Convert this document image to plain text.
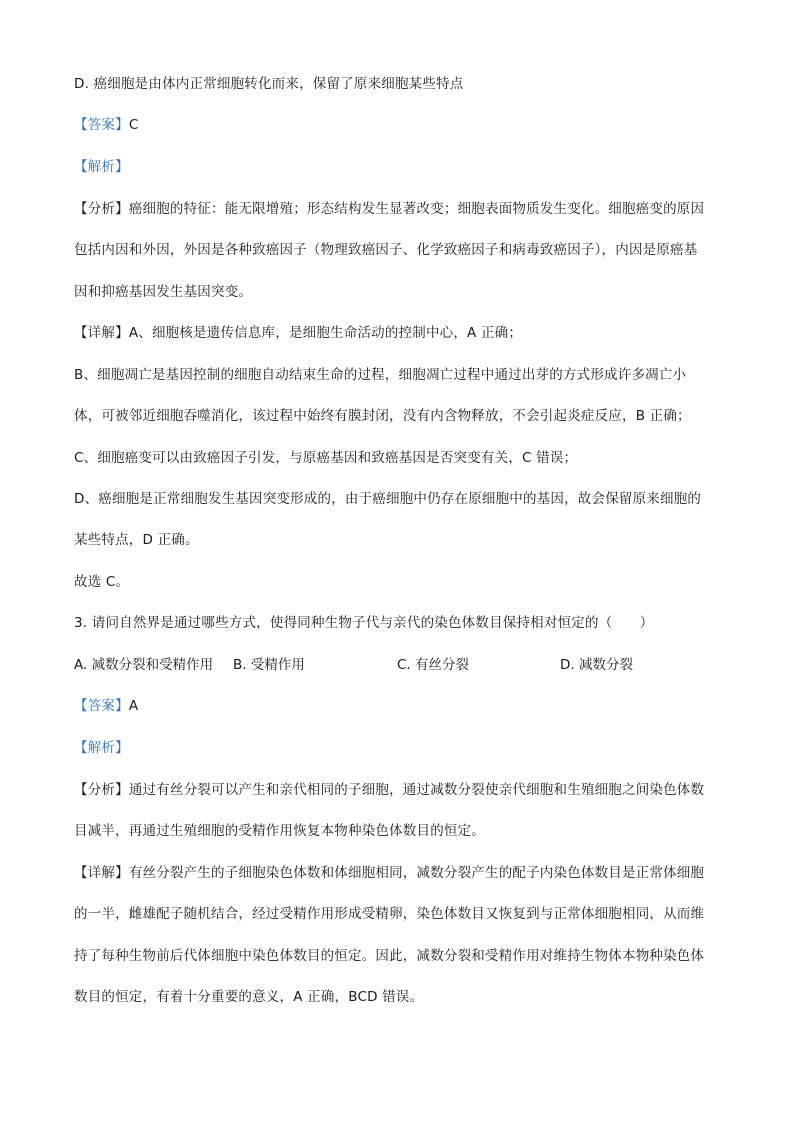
D. 癌细胞是由体内正常细胞转化而来，保留了原来细胞某些特点
【答案】C
【解析】
【分析】癌细胞的特征：能无限增殖；形态结构发生显著改变；细胞表面物质发生变化。细胞癌变的原因
包括内因和外因，外因是各种致癌因子（物理致癌因子、化学致癌因子和病毒致癌因子），内因是原癌基
因和抑癌基因发生基因突变。
【详解】A、细胞核是遗传信息库，是细胞生命活动的控制中心，A 正确；
B、细胞凋亡是基因控制的细胞自动结束生命的过程，细胞凋亡过程中通过出芽的方式形成许多凋亡小
体，可被邻近细胞吞噬消化，该过程中始终有膜封闭，没有内含物释放，不会引起炎症反应，B 正确；
C、细胞癌变可以由致癌因子引发，与原癌基因和致癌基因是否突变有关，C 错误；
D、癌细胞是正常细胞发生基因突变形成的，由于癌细胞中仍存在原细胞中的基因，故会保留原来细胞的
某些特点，D 正确。
故选 C。
3. 请问自然界是通过哪些方式，使得同种生物子代与亲代的染色体数目保持相对恒定的（　　）
A. 减数分裂和受精作用 B. 受精作用	C. 有丝分裂	D. 减数分裂
【答案】A
【解析】
【分析】通过有丝分裂可以产生和亲代相同的子细胞，通过减数分裂使亲代细胞和生殖细胞之间染色体数
目减半，再通过生殖细胞的受精作用恢复本物种染色体数目的恒定。
【详解】有丝分裂产生的子细胞染色体数和体细胞相同，减数分裂产生的配子内染色体数目是正常体细胞
的一半，雌雄配子随机结合，经过受精作用形成受精卵，染色体数目又恢复到与正常体细胞相同，从而维
持了每种生物前后代体细胞中染色体数目的恒定。因此，减数分裂和受精作用对维持生物体本物种染色体
数目的恒定，有着十分重要的意义，A 正确，BCD 错误。
